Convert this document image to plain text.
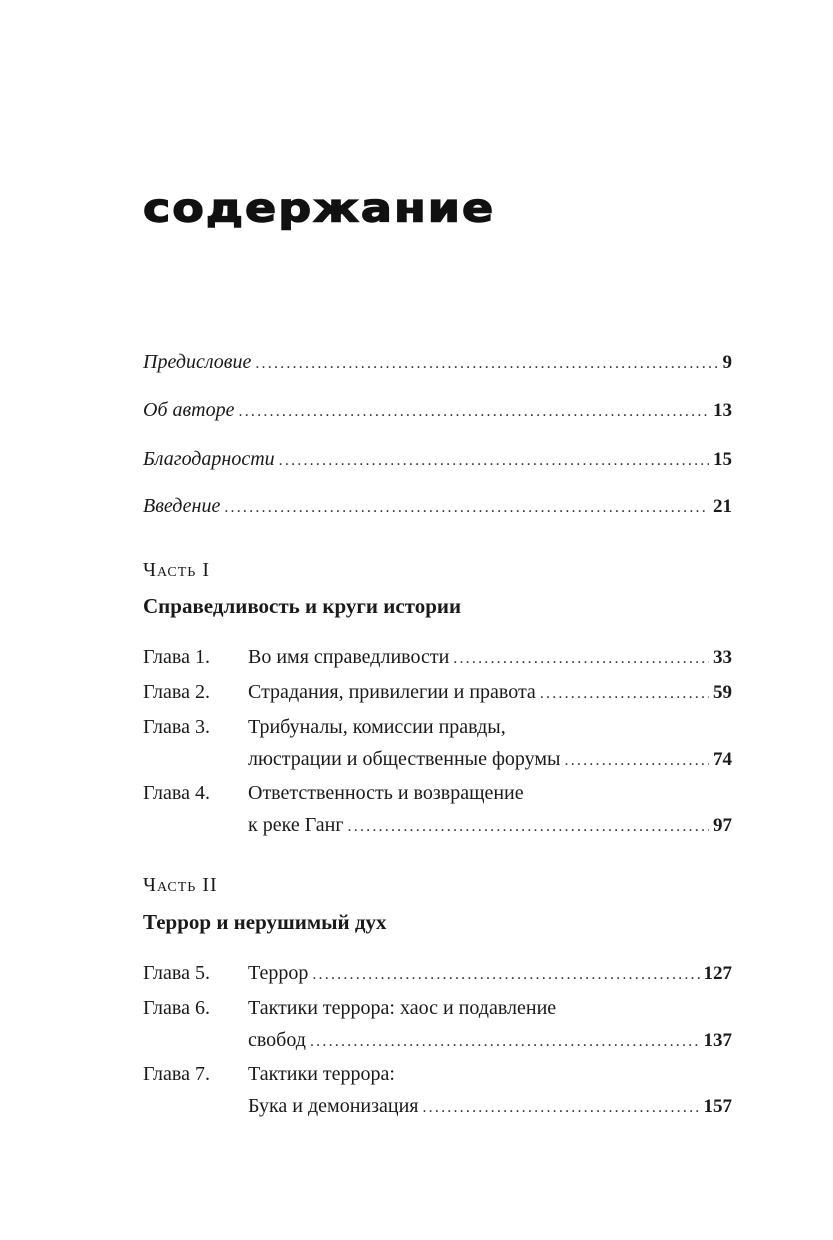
содержание
Предисловие .....	9
Об авторе .....	13
Благодарности .....	15
Введение .....	21
Часть I
Справедливость и круги истории
Глава 1. Во имя справедливости .....	33
Глава 2. Страдания, привилегии и правота .....	59
Глава 3. Трибуналы, комиссии правды,
люстрации и общественные форумы .....	74
Глава 4. Ответственность и возвращение
к реке Ганг .....	97
Часть II
Террор и нерушимый дух
Глава 5. Террор .....	127
Глава 6. Тактики террора: хаос и подавление
свобод .....	137
Глава 7. Тактики террора:
Бука и демонизация .....	157
